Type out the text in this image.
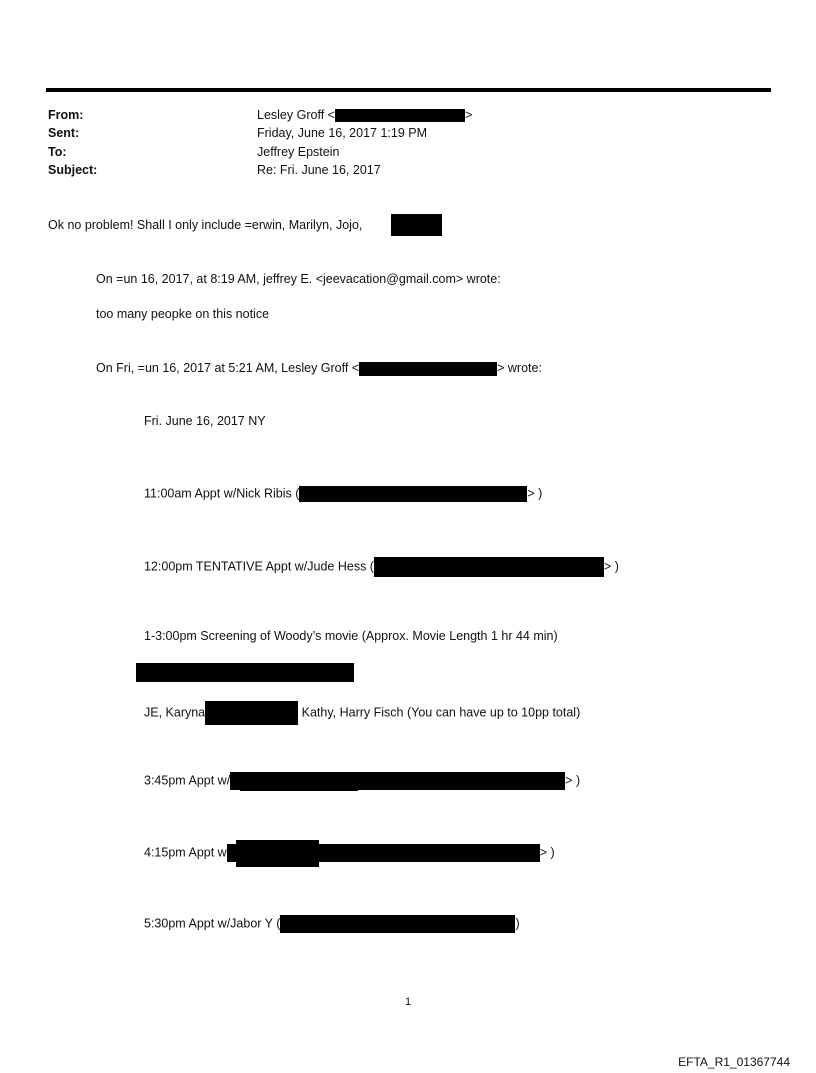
From:	Lesley Groff <	>
Sent:	Friday, June 16, 2017 1:19 PM
To:	Jeffrey Epstein
Subject:	Re: Fri. June 16, 2017
Ok no problem! Shall I only include =erwin, Marilyn, Jojo,
On =un 16, 2017, at 8:19 AM, jeffrey E. <jeevacation@gmail.com> wrote:
too many peopke on this notice
On Fri, =un 16, 2017 at 5:21 AM, Lesley Groff <	> wrote:
Fri. June 16, 2017 NY
11:00am Appt w/Nick Ribis (	> )
12:00pm TENTATIVE Appt w/Jude Hess (	> )
1-3:00pm Screening of Woody’s movie (Approx. Movie Length 1 hr 44 min)
JE, Karyna	Kathy, Harry Fisch (You can have up to 10pp total)
3:45pm Appt w/	> )
4:15pm Appt w	> )
5:30pm Appt w/Jabor Y (	)
1
EFTA_R1_01367744
